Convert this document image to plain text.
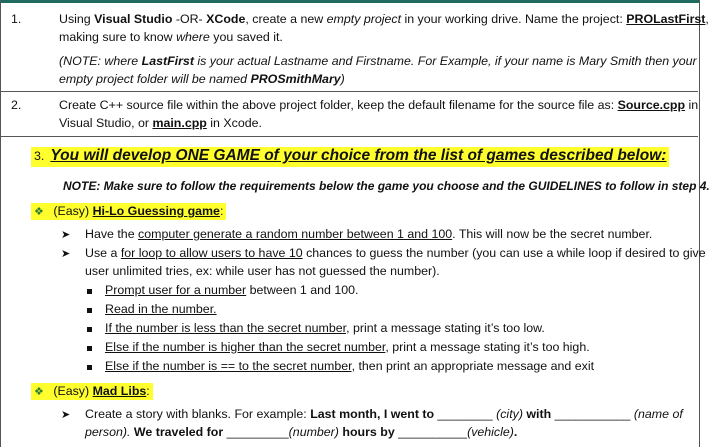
1.	Using Visual Studio -OR- XCode, create a new empty project in your working drive. Name the project: PROLastFirst,
making sure to know where you saved it.
(NOTE: where LastFirst is your actual Lastname and Firstname. For Example, if your name is Mary Smith then your
empty project folder will be named PROSmithMary)
2.	Create C++ source file within the above project folder, keep the default filename for the source file as: Source.cpp in
Visual Studio, or main.cpp in Xcode.
3. You will develop ONE GAME of your choice from the list of games described below:
NOTE: Make sure to follow the requirements below the game you choose and the GUIDELINES to follow in step 4.
❖ (Easy) Hi-Lo Guessing game:
➤ Have the computer generate a random number between 1 and 100. This will now be the secret number.
➤ Use a for loop to allow users to have 10 chances to guess the number (you can use a while loop if desired to give
user unlimited tries, ex: while user has not guessed the number).
Prompt user for a number between 1 and 100.
Read in the number.
If the number is less than the secret number, print a message stating it’s too low.
Else if the number is higher than the secret number, print a message stating it’s too high.
Else if the number is == to the secret number, then print an appropriate message and exit
❖ (Easy) Mad Libs:
➤ Create a story with blanks. For example: Last month, I went to ________ (city) with ___________ (name of
person). We traveled for _________(number) hours by __________(vehicle).
